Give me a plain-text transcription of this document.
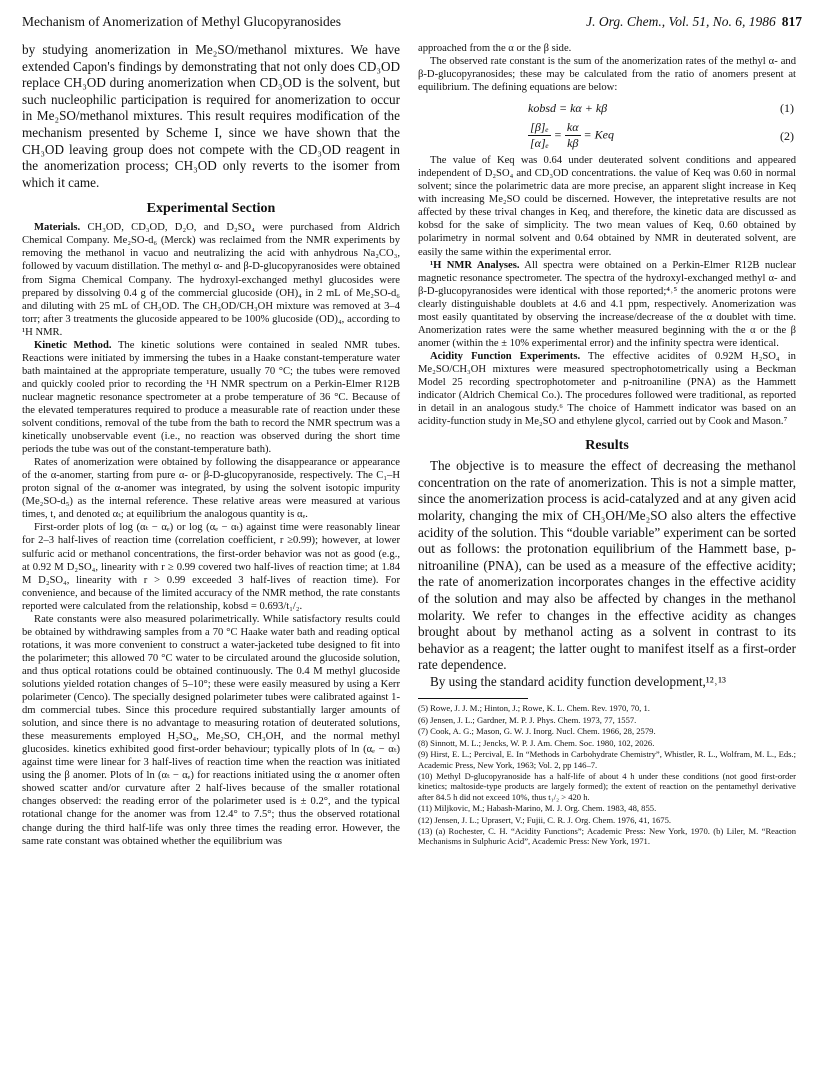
Mechanism of Anomerization of Methyl Glucopyranosides	J. Org. Chem., Vol. 51, No. 6, 1986 817

by studying anomerization in Me₂SO/methanol mixtures. We have extended Capon's findings by demonstrating that not only does CD₃OD replace CH₃OD during anomerization when CD₃OD is the solvent, but such nucleophilic participation is required for anomerization to occur in Me₂SO/methanol mixtures. This result requires modification of the mechanism presented by Scheme I, since we have shown that the CH₃OD leaving group does not compete with the CD₃OD reagent in the anomerization process; CH₃OD only reverts to the isomer from which it came.

Experimental Section

Materials. CH₃OD, CD₃OD, D₂O, and D₂SO₄ were purchased from Aldrich Chemical Company. Me₂SO-d₆ (Merck) was reclaimed from the NMR experiments by removing the methanol in vacuo and neutralizing the acid with anhydrous Na₂CO₃, followed by vacuum distillation. The methyl α- and β-D-glucopyranosides were obtained from Sigma Chemical Company. The hydroxyl-exchanged methyl glucosides were prepared by dissolving 0.4 g of the commercial glucoside (OH)₄ in 2 mL of Me₂SO-d₆ and diluting with 25 mL of CH₃OD. The CH₃OD/CH₃OH mixture was removed at 3–4 torr; after 3 treatments the glucoside appeared to be 100% glucoside (OD)₄, according to ¹H NMR.

Kinetic Method. The kinetic solutions were contained in sealed NMR tubes. Reactions were initiated by immersing the tubes in a Haake constant-temperature water bath maintained at the appropriate temperature, usually 70 °C; the tubes were removed and quickly cooled prior to recording the ¹H NMR spectrum on a Perkin-Elmer R12B nuclear magnetic resonance spectrometer at a probe temperature of 36 °C. Because of the elevated temperatures required to produce a measurable rate of reaction under these solvent conditions, removal of the tube from the bath to record the NMR spectrum was a kinetically unobservable event (i.e., no reaction was observed during the short time periods the tube was out of the constant-temperature bath).

Rates of anomerization were obtained by following the disappearance or appearance of the α-anomer, starting from pure α- or β-D-glucopyranoside, respectively. The C₁–H proton signal of the α-anomer was integrated, by using the solvent isotopic impurity (Me₂SO-d₅) as the internal reference. These relative areas were measured at various times, t, and denoted αₜ; at equilibrium the analogous quantity is αₑ.

First-order plots of log (αₜ − αₑ) or log (αₑ − αₜ) against time were reasonably linear for 2–3 half-lives of reaction time (correlation coefficient, r ≥0.99); however, at lower sulfuric acid or methanol concentrations, the first-order behavior was not as good (e.g., at 0.92 M D₂SO₄, linearity with r ≥ 0.99 covered two half-lives of reaction time; at 1.84 M D₂SO₄, linearity with r > 0.99 exceeded 3 half-lives of reaction time). For convenience, and because of the limited accuracy of the NMR method, the rate constants reported were calculated from the relationship, kobsd = 0.693/t₁/₂.

Rate constants were also measured polarimetrically. While satisfactory results could be obtained by withdrawing samples from a 70 °C Haake water bath and reading optical rotations, it was more convenient to construct a water-jacketed tube designed to fit into the polarimeter; this allowed 70 °C water to be circulated around the glucoside solution, and thus optical rotations could be obtained continuously. The 0.4 M methyl glucoside solutions yielded rotation changes of 5–10°; these were easily measured by using a Kerr polarimeter (Cenco). The specially designed polarimeter tubes were calibrated against 1-dm commercial tubes. Since this procedure required substantially larger amounts of solution, and since there is no advantage to measuring rotation of deuterated solutions, these measurements employed H₂SO₄, Me₂SO, CH₃OH, and the normal methyl glucosides. kinetics exhibited good first-order behaviour; typically plots of ln (αₑ − αₜ) against time were linear for 3 half-lives of reaction time when the reaction was initiated using the β anomer. Plots of ln (αₜ − αₑ) for reactions initiated using the α anomer often showed scatter and/or curvature after 2 half-lives because of the smaller rotational changes observed: the reading error of the polarimeter used is ± 0.2°, and the typical rotational change for the anomer was from 12.4° to 7.5°; thus the observed rotational change during the third half-life was only three times the reading error. However, the same rate constant was obtained whether the equilibrium was

approached from the α or the β side.

The observed rate constant is the sum of the anomerization rates of the methyl α- and β-D-glucopyranosides; these may be calculated from the ratio of anomers present at equilibrium. The defining equations are below:

kobsd = kα + kβ	(1)
$\frac{\text{[β]ₑ}}{\text{[α]ₑ}} = \frac{k\alpha}{k\beta}$ = Keq	(2)

The value of Keq was 0.64 under deuterated solvent conditions and appeared independent of D₂SO₄ and CD₃OD concentrations. the value of Keq was 0.60 in normal solvent; since the polarimetric data are more precise, an apparent slight increase in Keq with increasing Me₂SO could be discerned. However, the intepretative results are not affected by these trival changes in Keq, and therefore, the kinetic data are discussed as kobsd for the sake of simplicity. The two mean values of Keq, 0.60 obtained by polarimetry in normal solvent and 0.64 obtained by NMR in deuterated solvent, are easily the same within the experimental error.

¹H NMR Analyses. All spectra were obtained on a Perkin-Elmer R12B nuclear magnetic resonance spectrometer. The spectra of the hydroxyl-exchanged methyl α- and β-D-glucopyranosides were identical with those reported;⁴˒⁵ the anomeric protons were clearly distinguishable doublets at 4.6 and 4.1 ppm, respectively. Anomerization was most easily quantitated by observing the increase/decrease of the α doublet with time. Anomerization rates were the same whether measured beginning with the α or the β anomer (within the ± 10% experimental error) and the infinity spectra were identical.

Acidity Function Experiments. The effective acidites of 0.92M H₂SO₄ in Me₂SO/CH₃OH mixtures were measured spectrophotometrically using a Beckman Model 25 recording spectrophotometer and p-nitroaniline (PNA) as the Hammett indicator (Aldrich Chemical Co.). The procedures followed were traditional, as reported in detail in an analogous study.⁶ The choice of Hammett indicator was based on an acidity-function study in Me₂SO and ethylene glycol, carried out by Cook and Mason.⁷

Results

The objective is to measure the effect of decreasing the methanol concentration on the rate of anomerization. This is not a simple matter, since the anomerization process is acid-catalyzed and at any given acid molarity, changing the mix of CH₃OH/Me₂SO also alters the effective acidity of the solution. This “double variable” experiment can be sorted out as follows: the protonation equilibrium of the Hammett base, p-nitroaniline (PNA), can be used as a measure of the effective acidity; the rate of anomerization incorporates changes in the effective acidity of the solution and may also be affected by changes in the methanol molarity. We refer to changes in the effective acidity as changes brought about by methanol acting as a solvent in contrast to its behavior as a reagent; the latter ought to manifest itself as a first-order rate dependence.

By using the standard acidity function development,¹²˒¹³

(5) Rowe, J. J. M.; Hinton, J.; Rowe, K. L. Chem. Rev. 1970, 70, 1.

(6) Jensen, J. L.; Gardner, M. P. J. Phys. Chem. 1973, 77, 1557.

(7) Cook, A. G.; Mason, G. W. J. Inorg. Nucl. Chem. 1966, 28, 2579.

(8) Sinnott, M. L.; Jencks, W. P. J. Am. Chem. Soc. 1980, 102, 2026.

(9) Hirst, E. L.; Percival, E. In “Methods in Carbohydrate Chemistry”, Whistler, R. L., Wolfram, M. L., Eds.; Academic Press, New York, 1963; Vol. 2, pp 146–7.

(10) Methyl D-glucopyranoside has a half-life of about 4 h under these conditions (not good first-order kinetics; maltoside-type products are largely formed); the extent of reaction on the pentamethyl derivative after 84.5 h did not exceed 10%, thus t₁/₂ > 420 h.

(11) Miljkovic, M.; Habash-Marino, M. J. Org. Chem. 1983, 48, 855.

(12) Jensen, J. L.; Uprasert, V.; Fujii, C. R. J. Org. Chem. 1976, 41, 1675.

(13) (a) Rochester, C. H. “Acidity Functions”; Academic Press: New York, 1970. (b) Liler, M. “Reaction Mechanisms in Sulphuric Acid”, Academic Press: New York, 1971.
